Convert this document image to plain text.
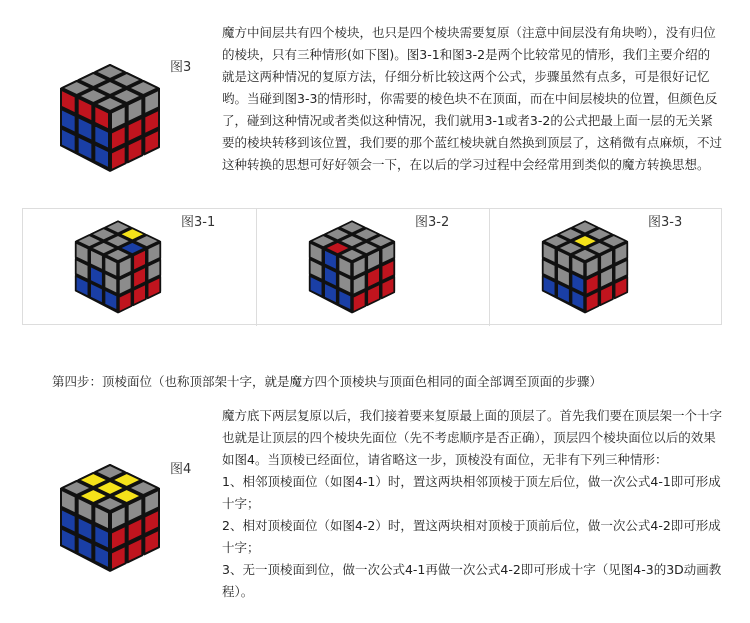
图3

魔方中间层共有四个棱块，也只是四个棱块需要复原（注意中间层没有角块哟），没有归位的棱块，只有三种情形(如下图)。图3-1和图3-2是两个比较常见的情形，我们主要介绍的就是这两种情况的复原方法，仔细分析比较这两个公式，步骤虽然有点多，可是很好记忆哟。当碰到图3-3的情形时，你需要的棱色块不在顶面，而在中间层棱块的位置，但颜色反了，碰到这种情况或者类似这种情况，我们就用3-1或者3-2的公式把最上面一层的无关紧要的棱块转移到该位置，我们要的那个蓝红棱块就自然换到顶层了，这稍微有点麻烦，不过这种转换的思想可好好领会一下，在以后的学习过程中会经常用到类似的魔方转换思想。

图3-1	图3-2	图3-3
第四步：顶棱面位（也称顶部架十字，就是魔方四个顶棱块与顶面色相同的面全部调至顶面的步骤）
图4

魔方底下两层复原以后，我们接着要来复原最上面的顶层了。首先我们要在顶层架一个十字也就是让顶层的四个棱块先面位（先不考虑顺序是否正确），顶层四个棱块面位以后的效果如图4。当顶棱已经面位，请省略这一步，顶棱没有面位，无非有下列三种情形：

1、相邻顶棱面位（如图4-1）时，置这两块相邻顶棱于顶左后位，做一次公式4-1即可形成十字；

2、相对顶棱面位（如图4-2）时，置这两块相对顶棱于顶前后位，做一次公式4-2即可形成十字；

3、无一顶棱面到位，做一次公式4-1再做一次公式4-2即可形成十字（见图4-3的3D动画教程）。
